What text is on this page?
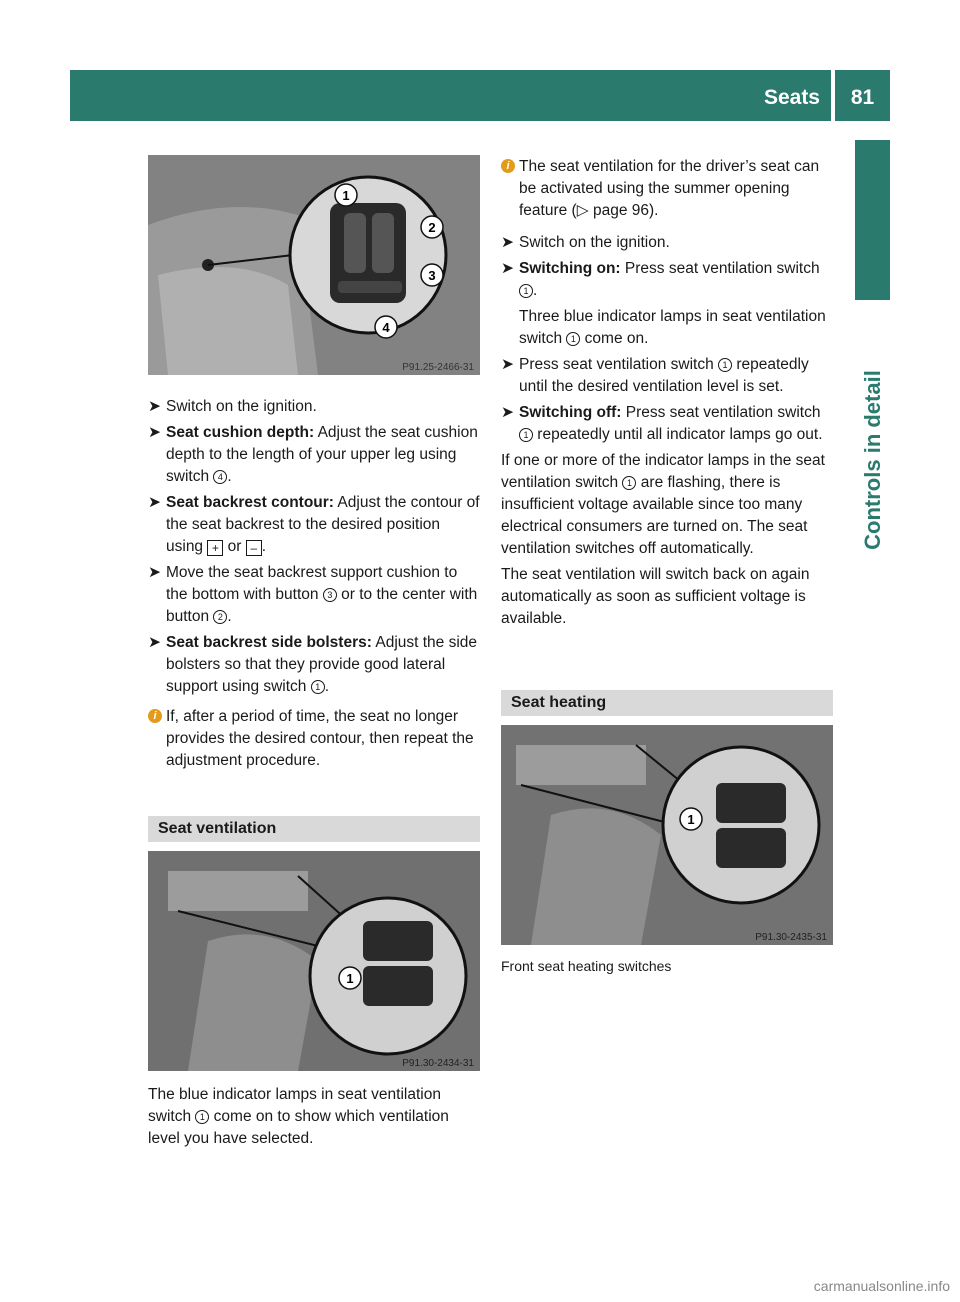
Seats	81
Controls in detail
1
2
3
4
P91.25-2466-31
➤ Switch on the ignition.
➤ Seat cushion depth: Adjust the seat cushion depth to the length of your upper leg using switch 4 .
➤ Seat backrest contour: Adjust the contour of the seat backrest to the desired position using + or – .
➤ Move the seat backrest support cushion to the bottom with button 3 or to the center with button 2 .
➤ Seat backrest side bolsters: Adjust the side bolsters so that they provide good lateral support using switch 1 .
i If, after a period of time, the seat no longer provides the desired contour, then repeat the adjustment procedure.
Seat ventilation
1
P91.30-2434-31
The blue indicator lamps in seat ventilation switch 1 come on to show which ventilation level you have selected.
i The seat ventilation for the driver’s seat can be activated using the summer opening feature (▷ page 96).
➤ Switch on the ignition.
➤ Switching on: Press seat ventilation switch 1 .
Three blue indicator lamps in seat ventilation switch 1 come on.
➤ Press seat ventilation switch 1 repeatedly until the desired ventilation level is set.
➤ Switching off: Press seat ventilation switch 1 repeatedly until all indicator lamps go out.
If one or more of the indicator lamps in the seat ventilation switch 1 are flashing, there is insufficient voltage available since too many electrical consumers are turned on. The seat ventilation switches off automatically.
The seat ventilation will switch back on again automatically as soon as sufficient voltage is available.
Seat heating
1
P91.30-2435-31
Front seat heating switches
carmanualsonline.info
